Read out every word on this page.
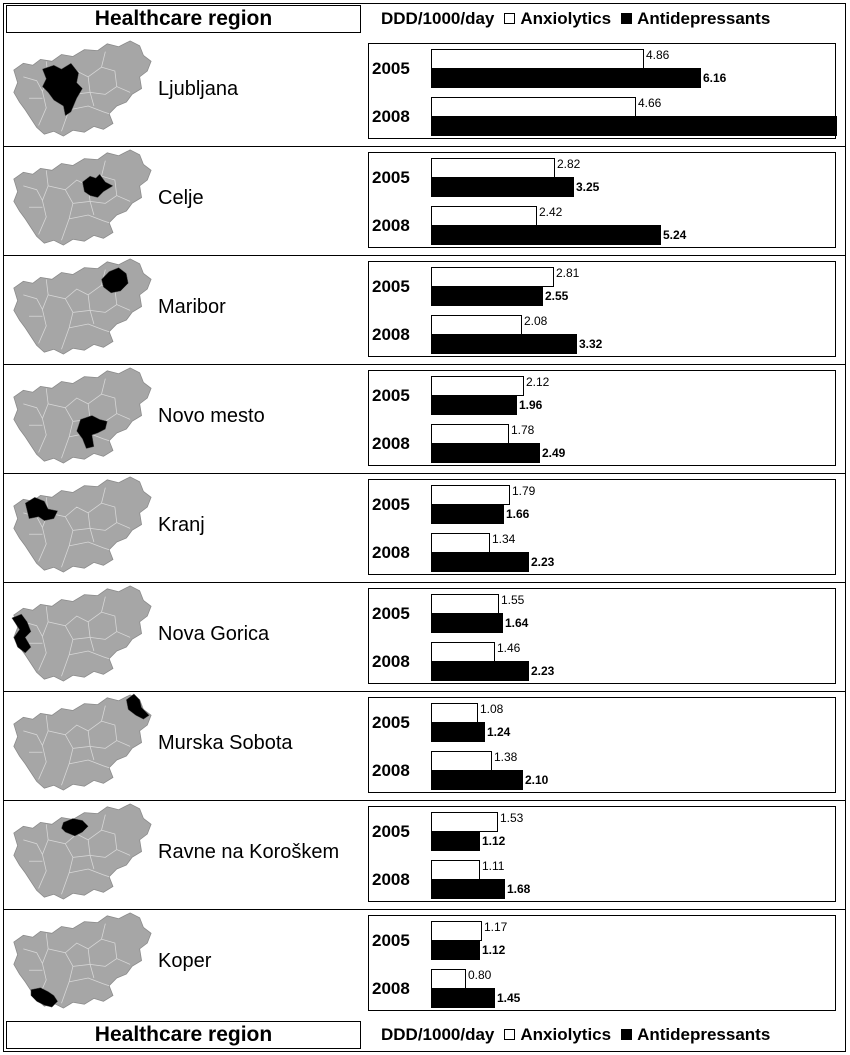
Healthcare region	DDD/1000/day Anxiolytics Antidepressants
Ljubljana
2005
4.86
6.16
2008
4.66
9.25
Celje
2005
2.82
3.25
2008
2.42
5.24
Maribor
2005
2.81
2.55
2008
2.08
3.32
Novo mesto
2005
2.12
1.96
2008
1.78
2.49
Kranj
2005
1.79
1.66
2008
1.34
2.23
Nova Gorica
2005
1.55
1.64
2008
1.46
2.23
Murska Sobota
2005
1.08
1.24
2008
1.38
2.10
Ravne na Koroškem
2005
1.53
1.12
2008
1.11
1.68
Koper
2005
1.17
1.12
2008
0.80
1.45
Healthcare region	DDD/1000/day Anxiolytics Antidepressants
